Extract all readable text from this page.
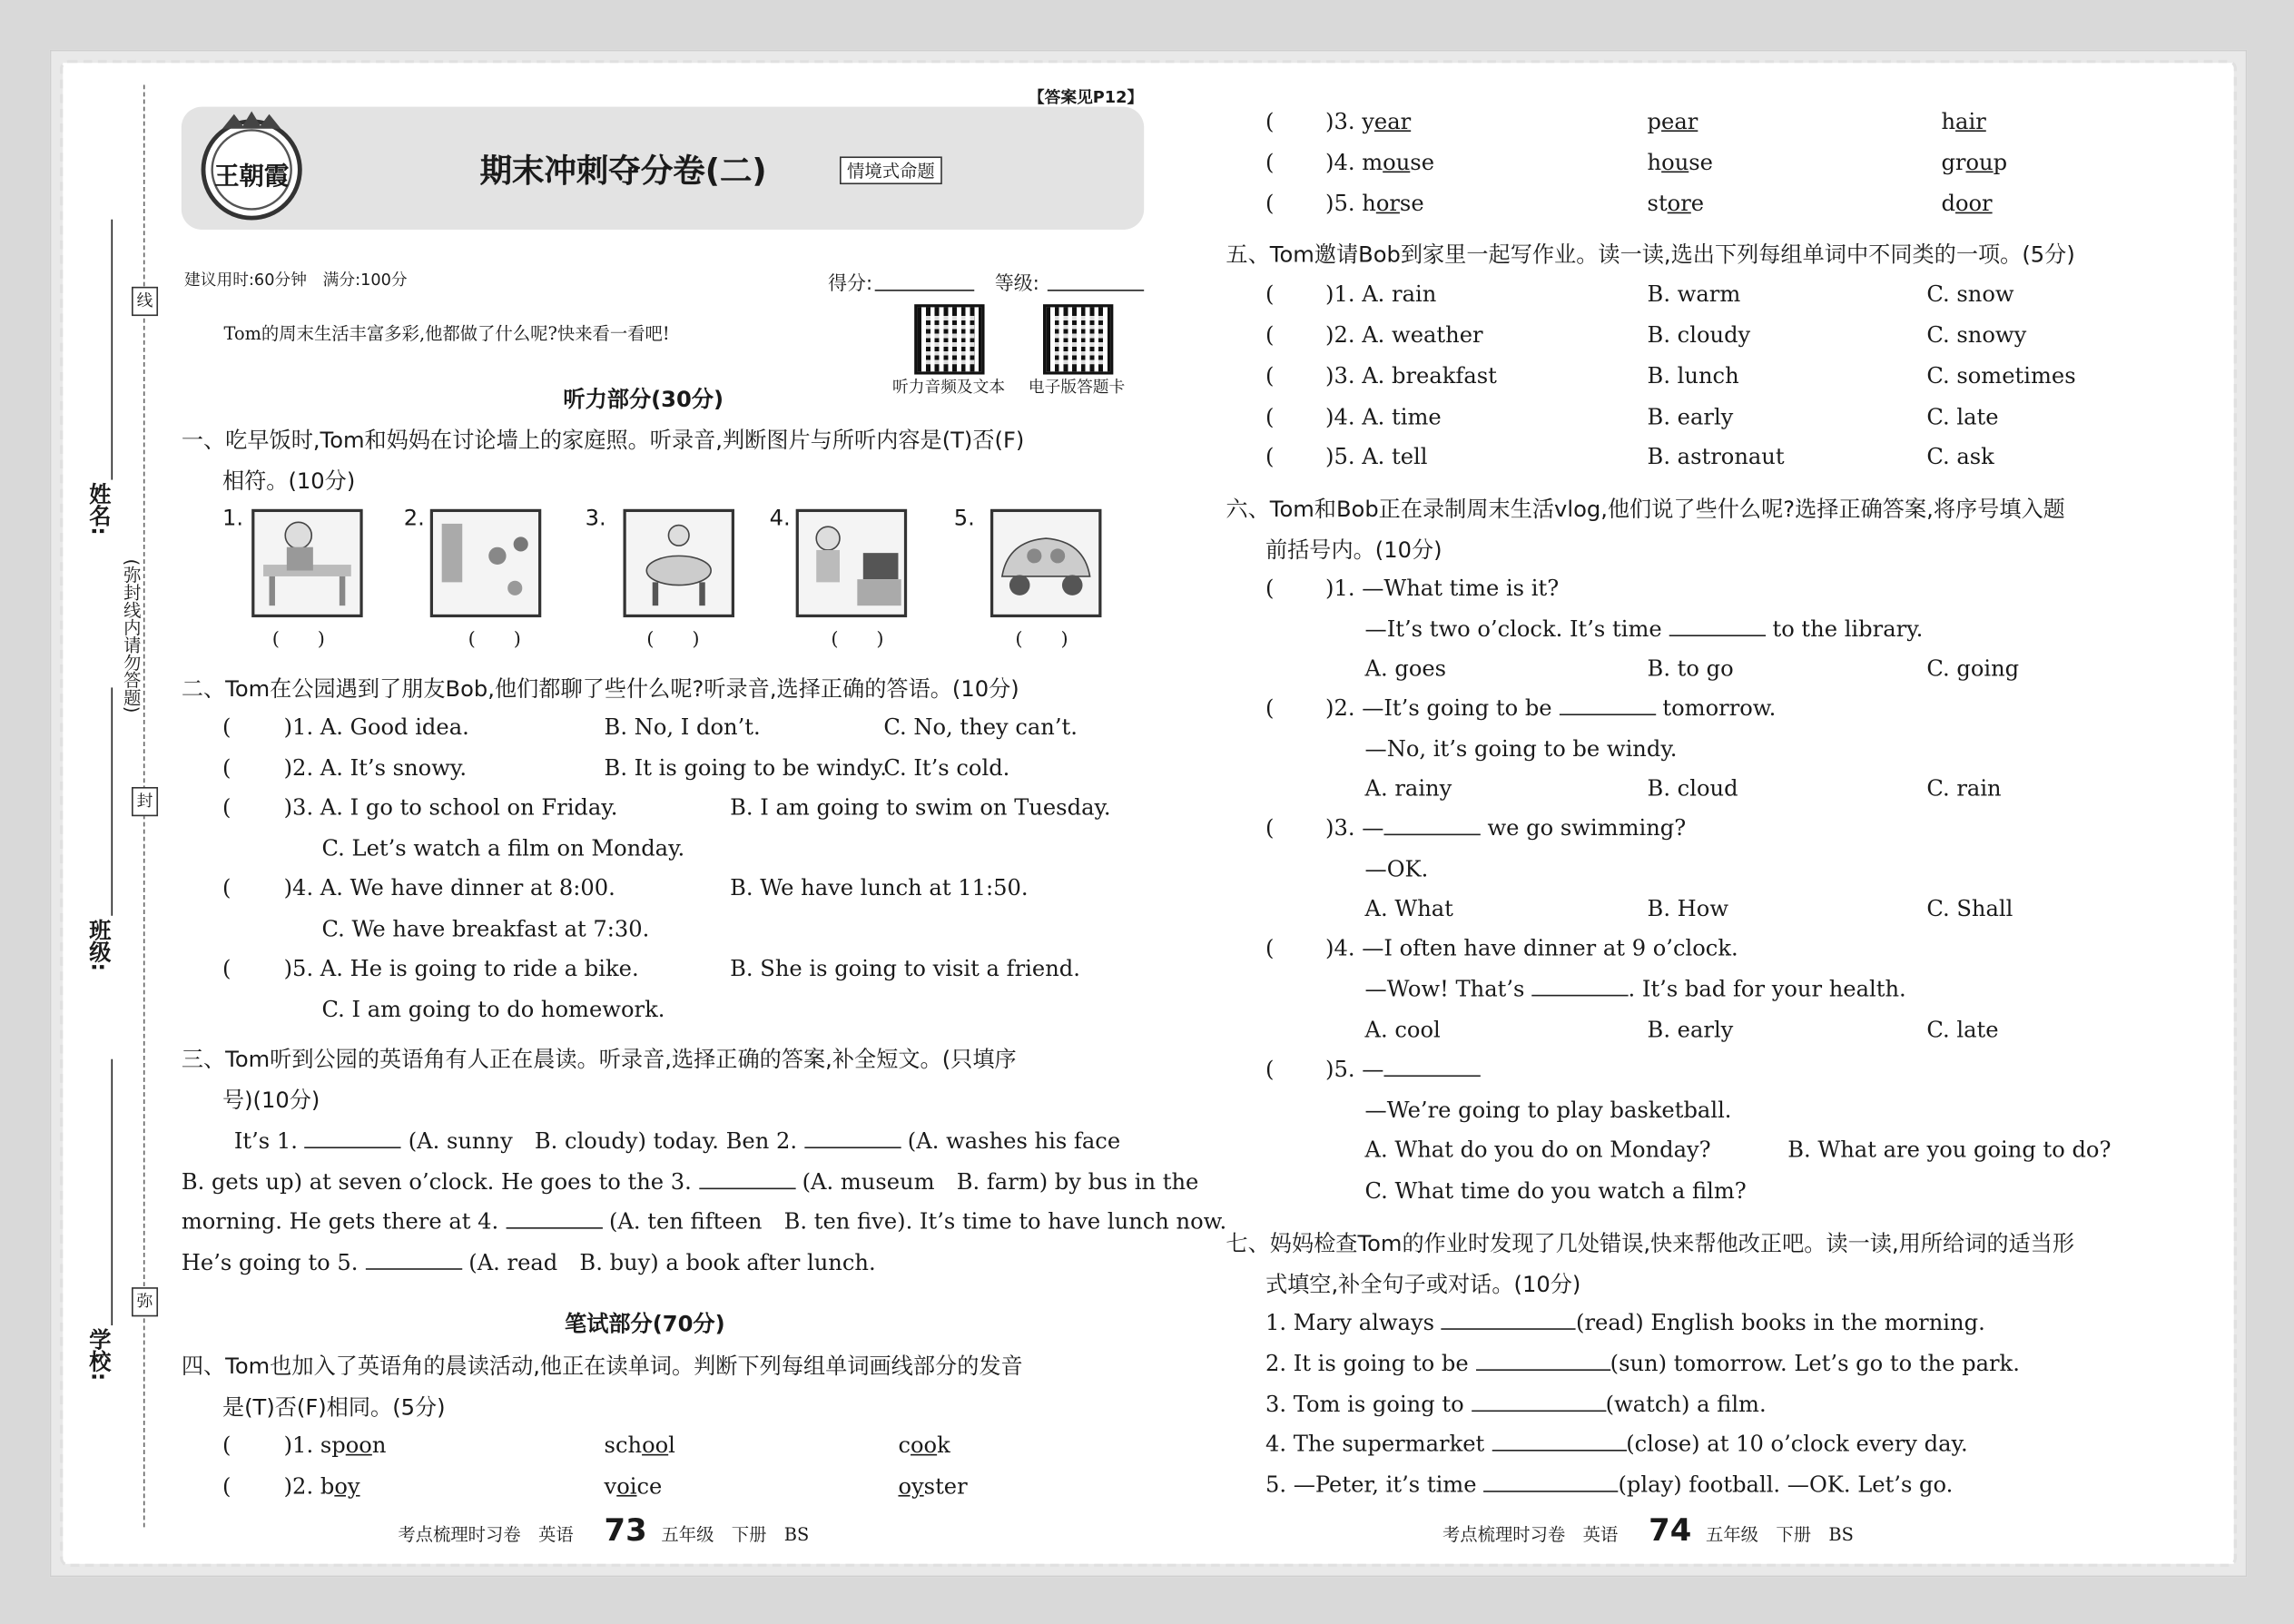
线
封
弥
(弥封线内请勿答题)
姓名:
班级:
学校:
【答案见P12】
王朝霞	期末冲刺夺分卷(二)	情境式命题
建议用时:60分钟　满分:100分	得分:	等级:
Tom的周末生活丰富多彩,他都做了什么呢?快来看一看吧!
听力音频及文本 电子版答题卡
听力部分(30分)
一、吃早饭时,Tom和妈妈在讨论墙上的家庭照。听录音,判断图片与所听内容是(T)否(F)
相符。(10分)
1.
(　　)
2.
(　　)
3.
(　　)
4.
(　　)
5.
(　　)
二、Tom在公园遇到了朋友Bob,他们都聊了些什么呢?听录音,选择正确的答语。(10分)
(	)1. A. Good idea.	B. No, I don’t.	C. No, they can’t.
(	)2. A. It’s snowy.	B. It is going to be windy.
C. It’s cold.
(	)3. A. I go to school on Friday.	B. I am going to swim on Tuesday.
C. Let’s watch a film on Monday.
(	)4. A. We have dinner at 8:00.	B. We have lunch at 11:50.
C. We have breakfast at 7:30.
(	)5. A. He is going to ride a bike.	B. She is going to visit a friend.
C. I am going to do homework.
三、Tom听到公园的英语角有人正在晨读。听录音,选择正确的答案,补全短文。(只填序
号)(10分)
It’s 1.	(A. sunny　B. cloudy) today. Ben 2.	(A. washes his face
B. gets up) at seven o’clock. He goes to the 3.	(A. museum　B. farm) by bus in the
morning. He gets there at 4.	(A. ten fifteen　B. ten five). It’s time to have lunch now.
He’s going to 5.	(A. read　B. buy) a book after lunch.
笔试部分(70分)
四、Tom也加入了英语角的晨读活动,他正在读单词。判断下列每组单词画线部分的发音
是(T)否(F)相同。(5分)
(	)1. spoon	school	cook
(	)2. boy	voice	oyster
考点梳理时习卷　英语 73 五年级　下册　BS
(	)3. year	pear	hair
(	)4. mouse	house	group
(	)5. horse	store	door
五、Tom邀请Bob到家里一起写作业。读一读,选出下列每组单词中不同类的一项。(5分)
(	)1. A. rain	B. warm	C. snow
(	)2. A. weather	B. cloudy	C. snowy
(	)3. A. breakfast	B. lunch	C. sometimes
(	)4. A. time	B. early	C. late
(	)5. A. tell	B. astronaut	C. ask
六、Tom和Bob正在录制周末生活vlog,他们说了些什么呢?选择正确答案,将序号填入题
前括号内。(10分)
(	)1. —What time is it?
—It’s two o’clock. It’s time	to the library.
A. goes	B. to go	C. going
(	)2. —It’s going to be	tomorrow.
—No, it’s going to be windy.
A. rainy	B. cloud	C. rain
(	)3. —	we go swimming?
—OK.
A. What	B. How	C. Shall
(	)4. —I often have dinner at 9 o’clock.
—Wow! That’s	. It’s bad for your health.
A. cool	B. early	C. late
(	)5. —
—We’re going to play basketball.
A. What do you do on Monday?	B. What are you going to do?
C. What time do you watch a film?
七、妈妈检查Tom的作业时发现了几处错误,快来帮他改正吧。读一读,用所给词的适当形
式填空,补全句子或对话。(10分)
1. Mary always	(read) English books in the morning.
2. It is going to be	(sun) tomorrow. Let’s go to the park.
3. Tom is going to	(watch) a film.
4. The supermarket	(close) at 10 o’clock every day.
5. —Peter, it’s time	(play) football. —OK. Let’s go.
考点梳理时习卷　英语 74 五年级　下册　BS
